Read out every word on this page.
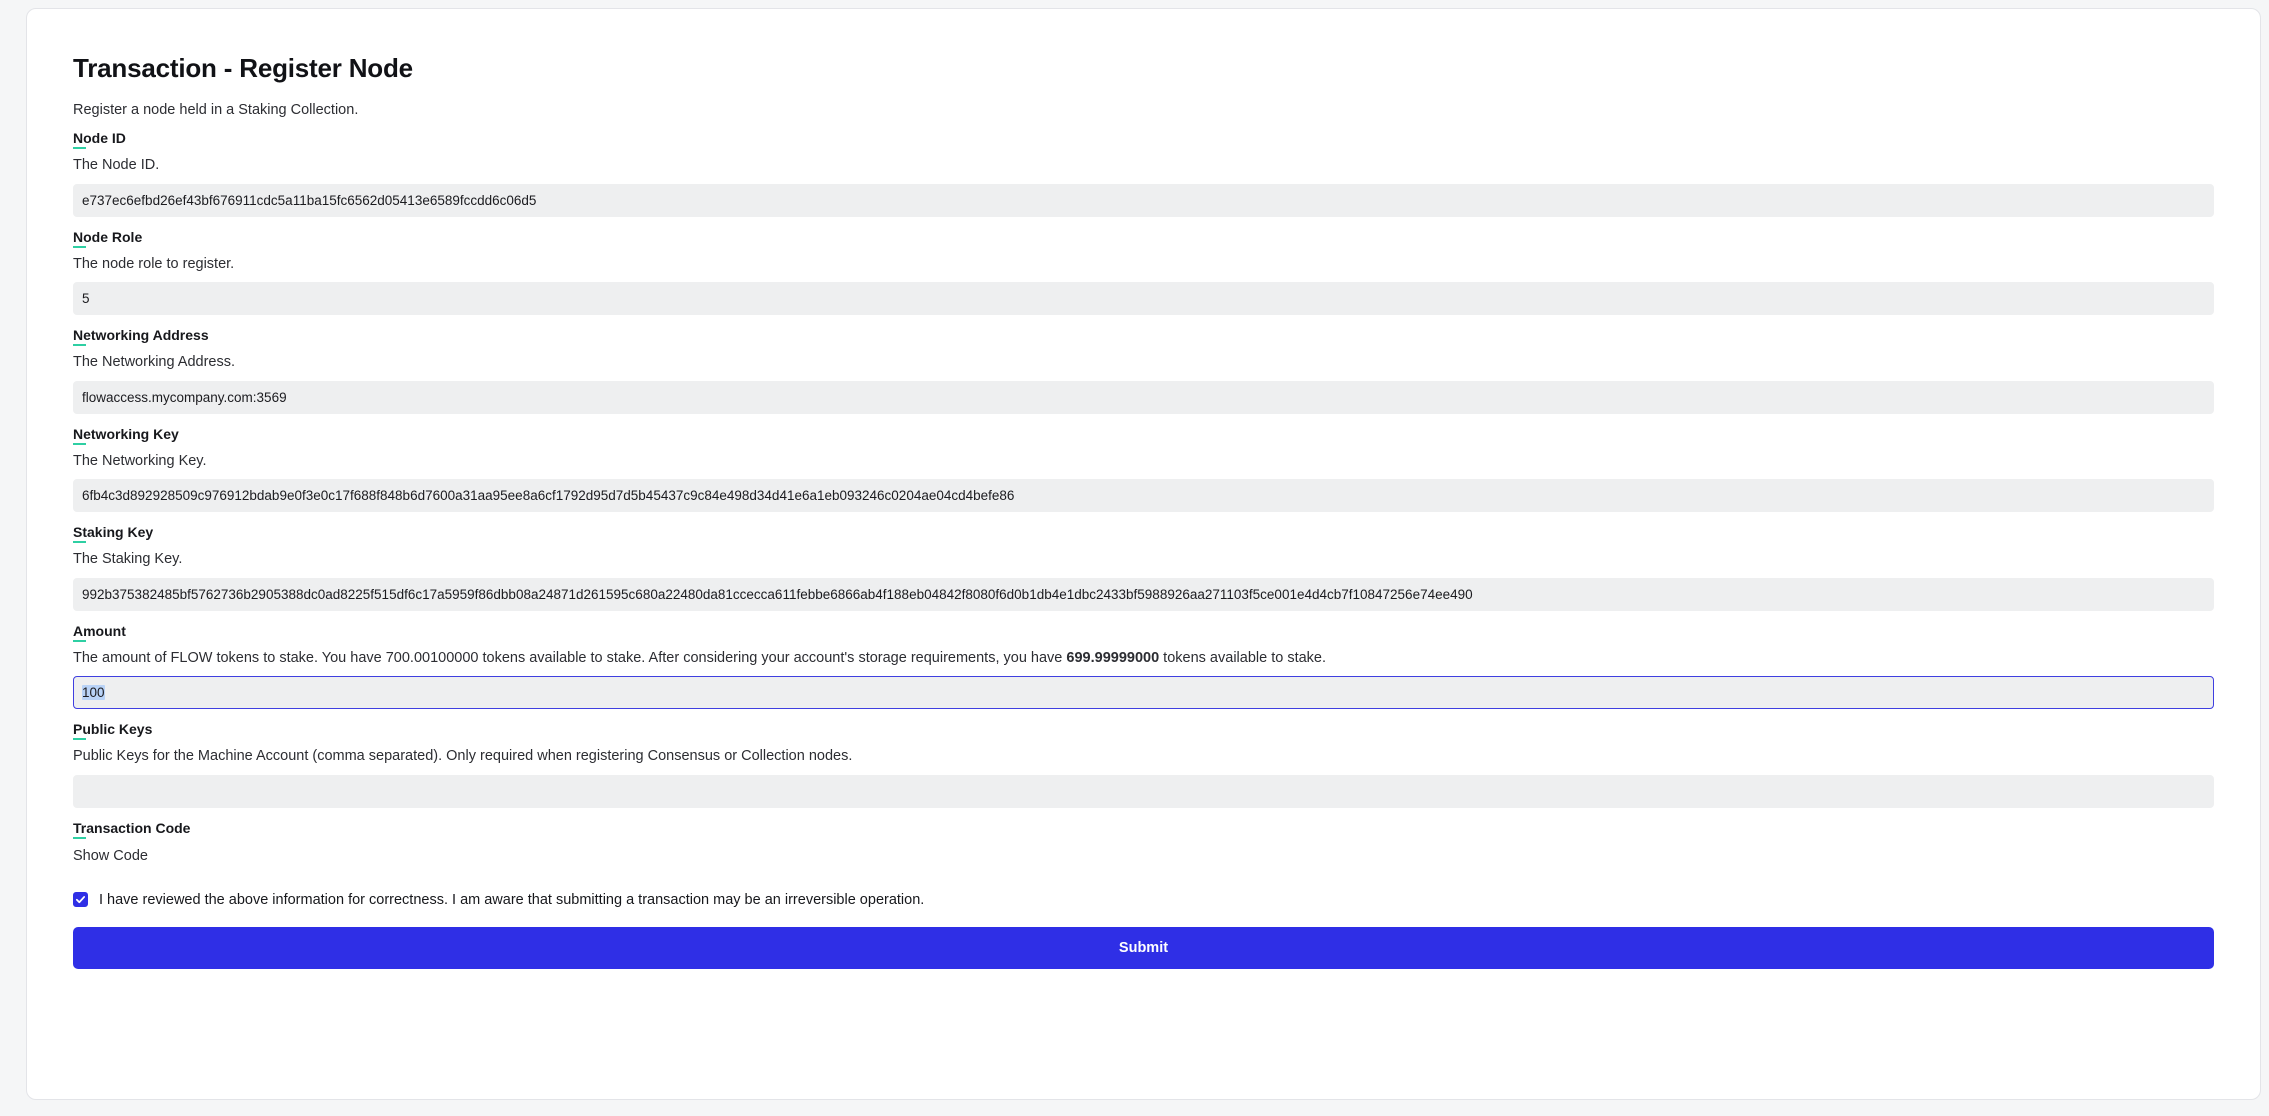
Transaction - Register Node
Register a node held in a Staking Collection.
Node ID
The Node ID.
e737ec6efbd26ef43bf676911cdc5a11ba15fc6562d05413e6589fccdd6c06d5
Node Role
The node role to register.
5
Networking Address
The Networking Address.
flowaccess.mycompany.com:3569
Networking Key
The Networking Key.
6fb4c3d892928509c976912bdab9e0f3e0c17f688f848b6d7600a31aa95ee8a6cf1792d95d7d5b45437c9c84e498d34d41e6a1eb093246c0204ae04cd4befe86
Staking Key
The Staking Key.
992b375382485bf5762736b2905388dc0ad8225f515df6c17a5959f86dbb08a24871d261595c680a22480da81ccecca611febbe6866ab4f188eb04842f8080f6d0b1db4e1dbc2433bf5988926aa271103f5ce001e4d4cb7f10847256e74ee490
Amount
The amount of FLOW tokens to stake. You have 700.00100000 tokens available to stake. After considering your account's storage requirements, you have 699.99999000 tokens available to stake.
100
Public Keys
Public Keys for the Machine Account (comma separated). Only required when registering Consensus or Collection nodes.
Transaction Code
Show Code
I have reviewed the above information for correctness. I am aware that submitting a transaction may be an irreversible operation.
Submit
